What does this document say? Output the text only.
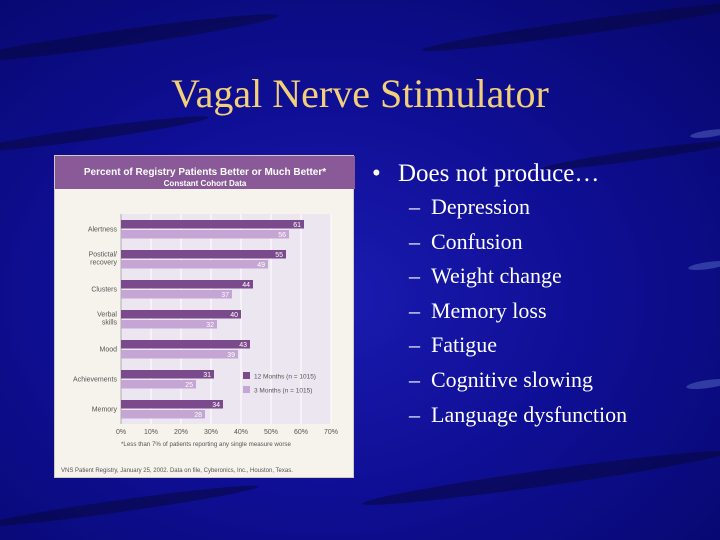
Vagal Nerve Stimulator
Percent of Registry Patients Better or Much Better*
Constant Cohort Data
0%	10% 20% 30% 40% 50% 60% 70%
Alertness
61
56
Postictal/ recovery
55
49
Clusters
44
37
Verbal skills
40
32
Mood
43
39
Achievements
31
25
Memory
34
28
12 Months (n = 1015)
3 Months (n = 1015)
*Less than 7% of patients reporting any single measure worse
VNS Patient Registry, January 25, 2002. Data on file, Cyberonics, Inc., Houston, Texas.
• Does not produce…
– Depression
– Confusion
– Weight change
– Memory loss
– Fatigue
– Cognitive slowing
– Language dysfunction
